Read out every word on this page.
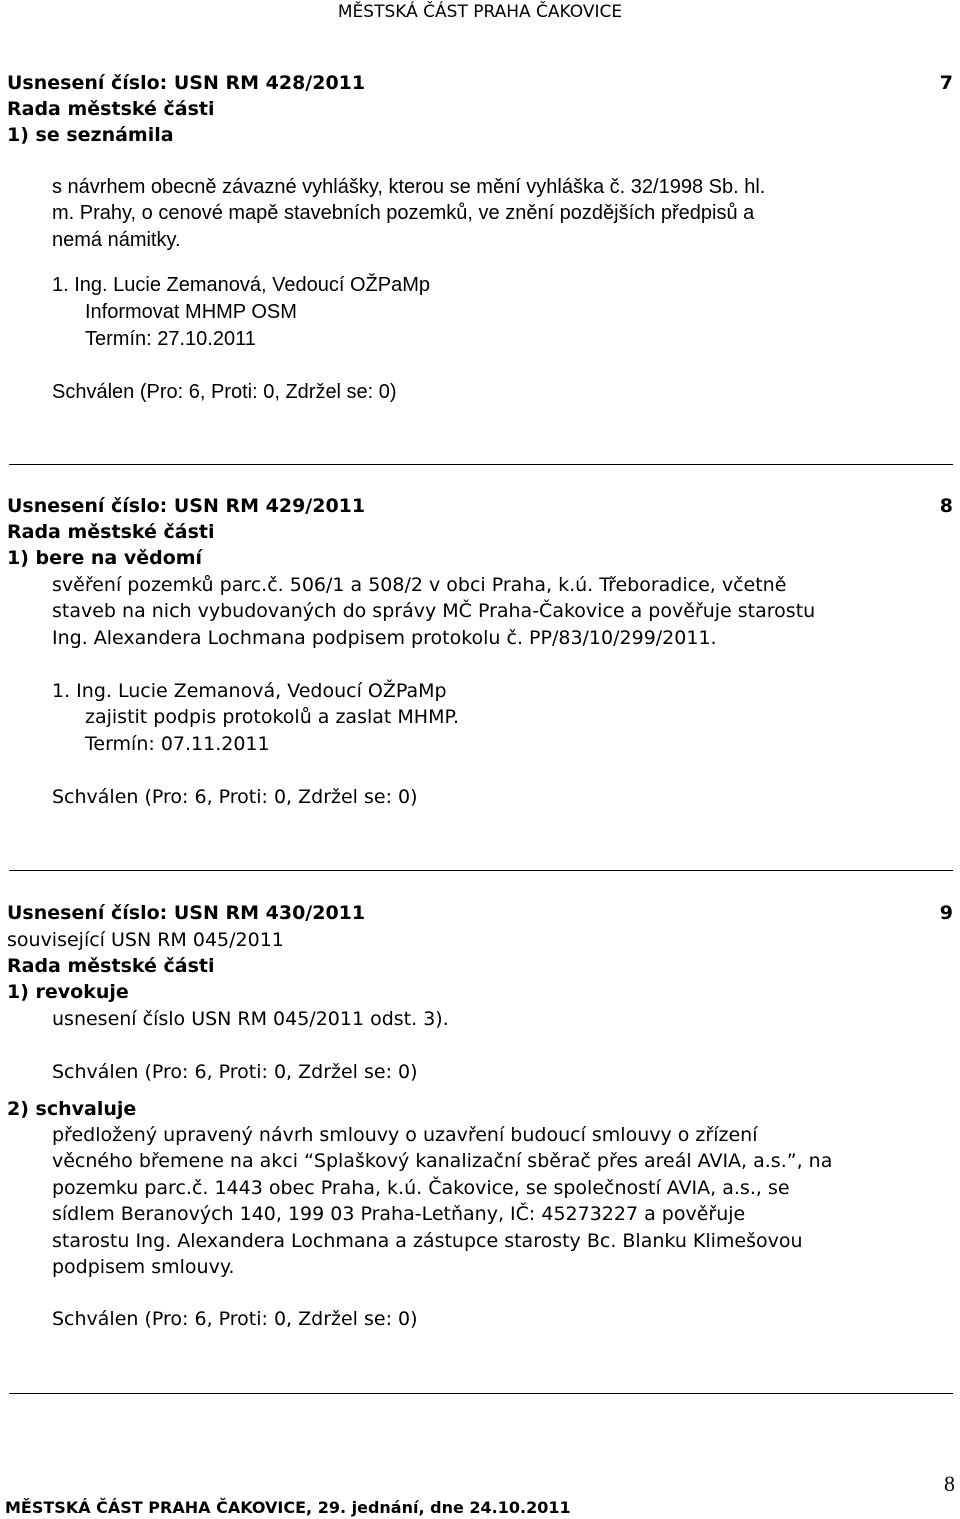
MĚSTSKÁ ČÁST PRAHA ČAKOVICE
Usnesení číslo: USN RM 428/2011	7
Rada městské části
1) se seznámila
s návrhem obecně závazné vyhlášky, kterou se mění vyhláška č. 32/1998 Sb. hl.
m. Prahy, o cenové mapě stavebních pozemků, ve znění pozdějších předpisů a
nemá námitky.
1. Ing. Lucie Zemanová, Vedoucí OŽPaMp
Informovat MHMP OSM
Termín: 27.10.2011
Schválen (Pro: 6, Proti: 0, Zdržel se: 0)
Usnesení číslo: USN RM 429/2011	8
Rada městské části
1) bere na vědomí
svěření pozemků parc.č. 506/1 a 508/2 v obci Praha, k.ú. Třeboradice, včetně
staveb na nich vybudovaných do správy MČ Praha-Čakovice a pověřuje starostu
Ing. Alexandera Lochmana podpisem protokolu č. PP/83/10/299/2011.
1. Ing. Lucie Zemanová, Vedoucí OŽPaMp
zajistit podpis protokolů a zaslat MHMP.
Termín: 07.11.2011
Schválen (Pro: 6, Proti: 0, Zdržel se: 0)
Usnesení číslo: USN RM 430/2011	9
související USN RM 045/2011
Rada městské části
1) revokuje
usnesení číslo USN RM 045/2011 odst. 3).
Schválen (Pro: 6, Proti: 0, Zdržel se: 0)
2) schvaluje
předložený upravený návrh smlouvy o uzavření budoucí smlouvy o zřízení
věcného břemene na akci “Splaškový kanalizační sběrač přes areál AVIA, a.s.”, na
pozemku parc.č. 1443 obec Praha, k.ú. Čakovice, se společností AVIA, a.s., se
sídlem Beranových 140, 199 03 Praha-Letňany, IČ: 45273227 a pověřuje
starostu Ing. Alexandera Lochmana a zástupce starosty Bc. Blanku Klimešovou
podpisem smlouvy.
Schválen (Pro: 6, Proti: 0, Zdržel se: 0)
8
MĚSTSKÁ ČÁST PRAHA ČAKOVICE, 29. jednání, dne 24.10.2011
